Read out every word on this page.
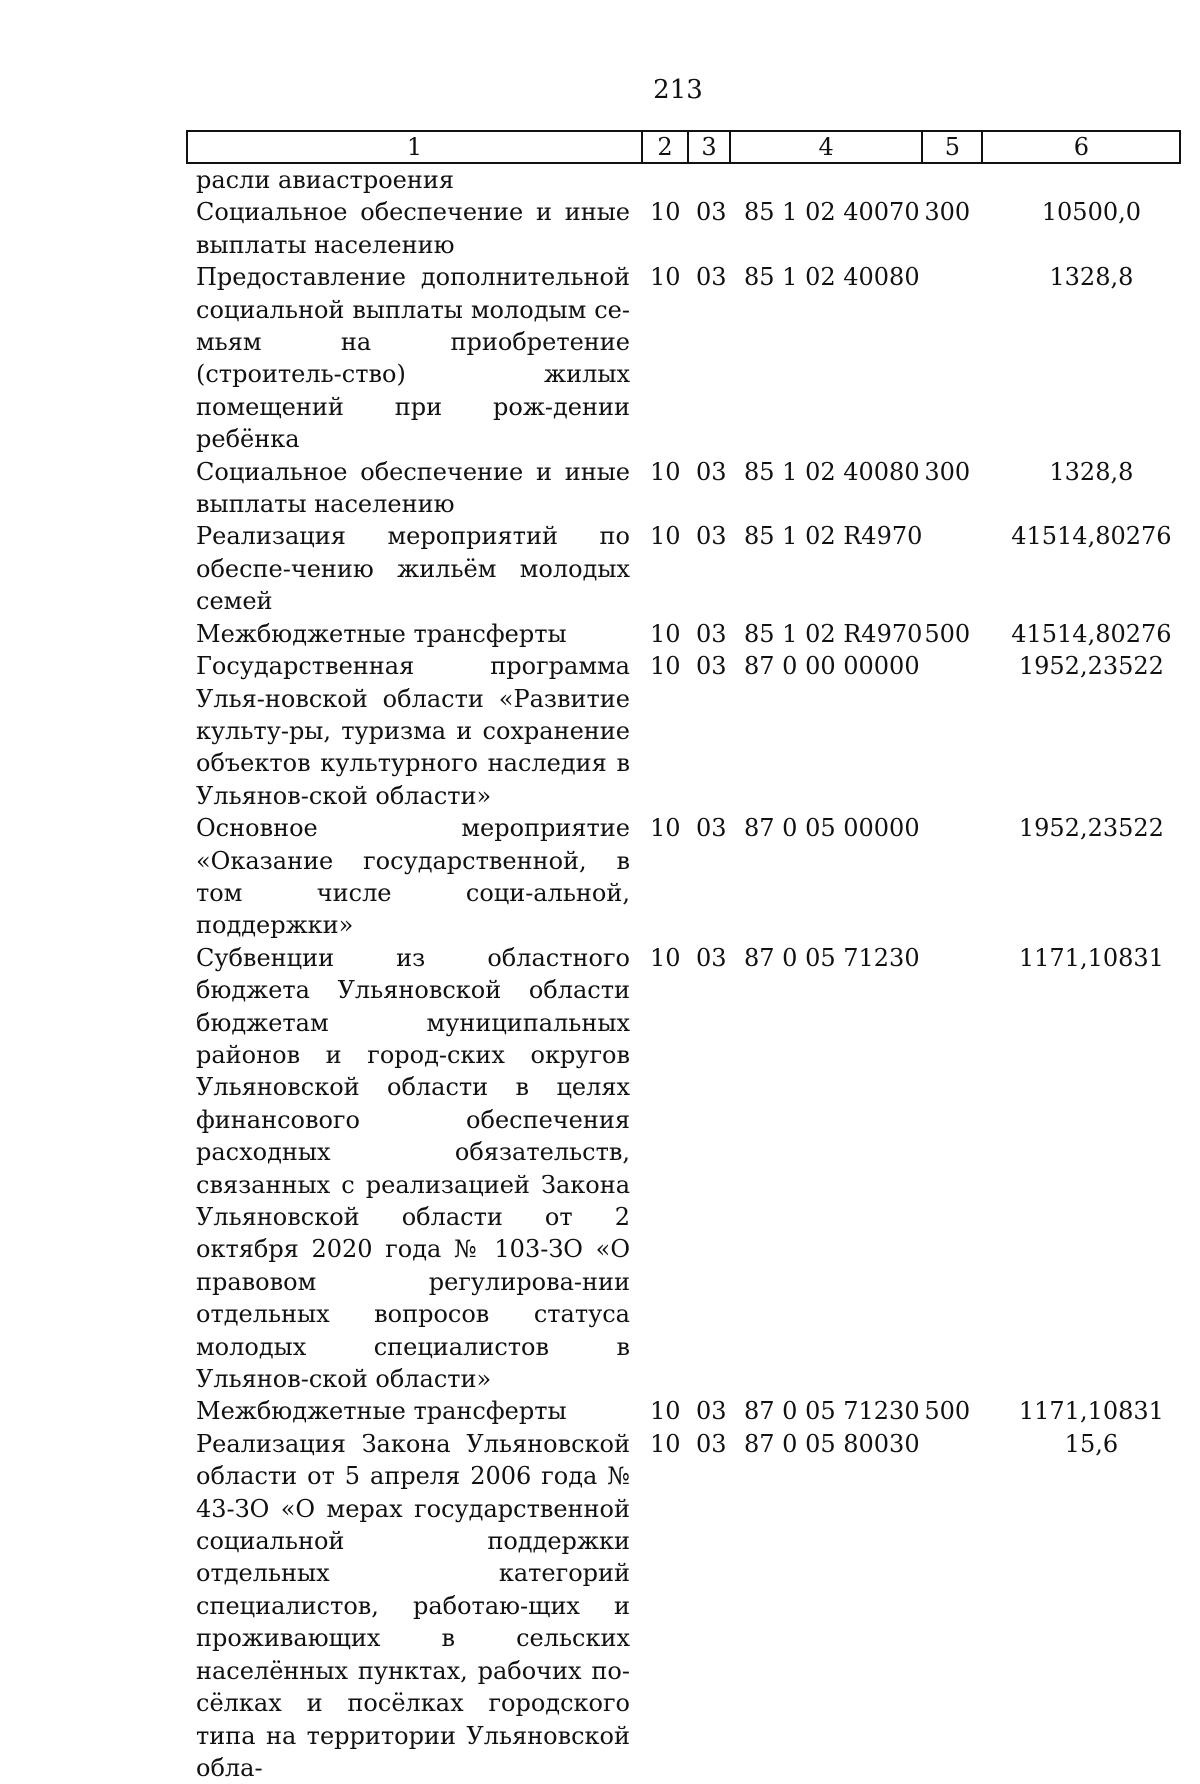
213
1	2	3	4	5	6
расли авиастроения					
Социальное обеспечение и иные выплаты населению	10	03	85 1 02 40070	300	10500,0
Предоставление дополнительной социальной выплаты молодым се-мьям на приобретение (строитель-ство) жилых помещений при рож-дении ребёнка	10	03	85 1 02 40080		1328,8
Социальное обеспечение и иные выплаты населению	10	03	85 1 02 40080	300	1328,8
Реализация мероприятий по обеспе-чению жильём молодых семей	10	03	85 1 02 R4970		41514,80276
Межбюджетные трансферты	10	03	85 1 02 R4970	500	41514,80276
Государственная программа Улья-новской области «Развитие культу-ры, туризма и сохранение объектов культурного наследия в Ульянов-ской области»	10	03	87 0 00 00000		1952,23522
Основное мероприятие «Оказание государственной, в том числе соци-альной, поддержки»	10	03	87 0 05 00000		1952,23522
Субвенции из областного бюджета Ульяновской области бюджетам муниципальных районов и город-ских округов Ульяновской области в целях финансового обеспечения расходных обязательств, связанных с реализацией Закона Ульяновской области от 2 октября 2020 года № 103-ЗО «О правовом регулирова-нии отдельных вопросов статуса молодых специалистов в Ульянов-ской области»	10	03	87 0 05 71230		1171,10831
Межбюджетные трансферты	10	03	87 0 05 71230	500	1171,10831
Реализация Закона Ульяновской области от 5 апреля 2006 года № 43-ЗО «О мерах государственной социальной поддержки отдельных категорий специалистов, работаю-щих и проживающих в сельских населённых пунктах, рабочих по-сёлках и посёлках городского типа на территории Ульяновской обла-	10	03	87 0 05 80030		15,6
